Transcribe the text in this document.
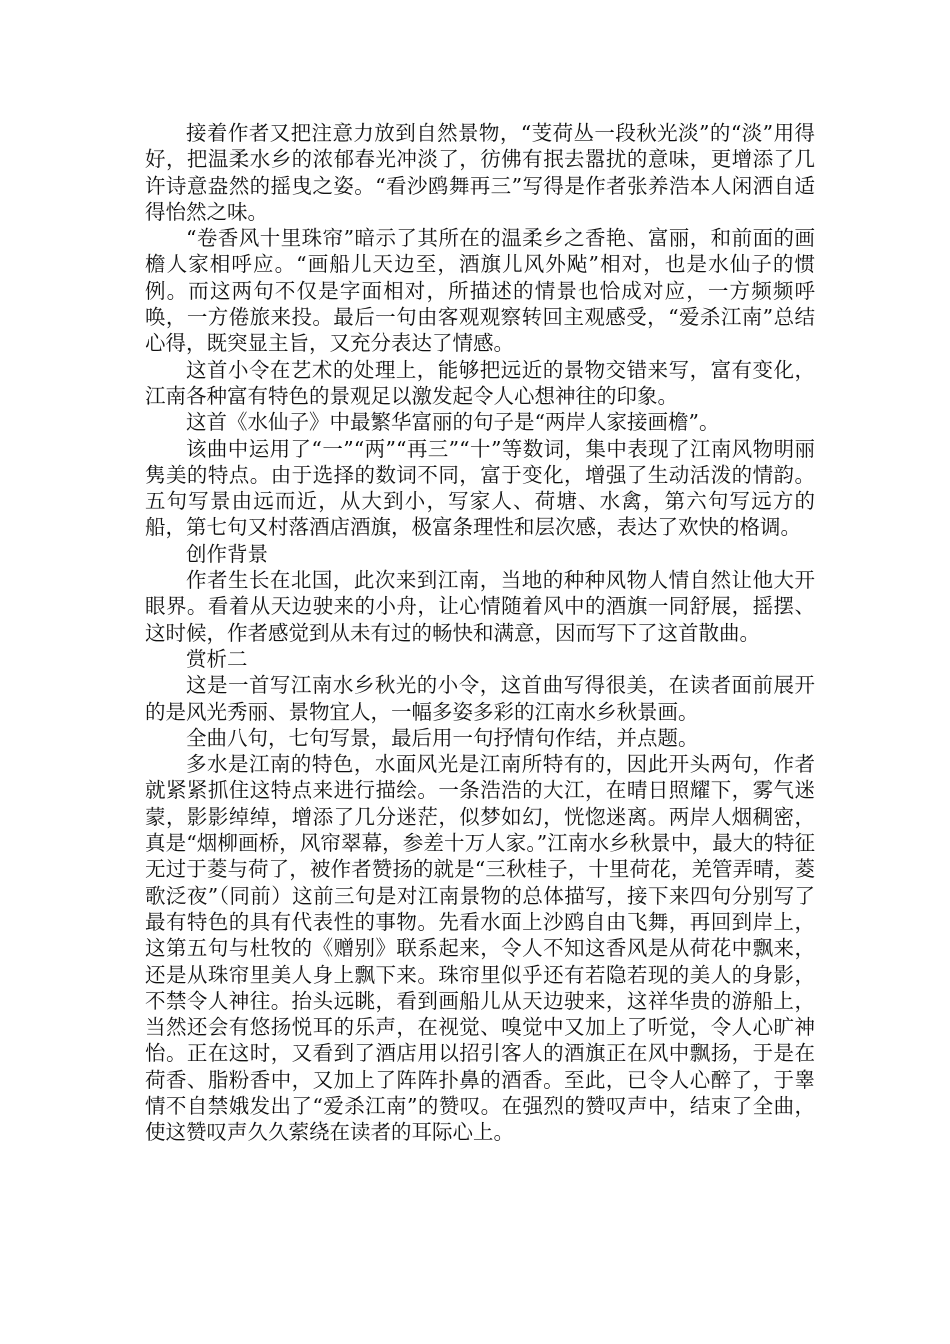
接着作者又把注意力放到自然景物，“芰荷丛一段秋光淡”的“淡”用得好，把温柔水乡的浓郁春光冲淡了，彷佛有抿去嚣扰的意味，更增添了几许诗意盎然的摇曳之姿。“看沙鸥舞再三”写得是作者张养浩本人闲洒自适得怡然之味。

“卷香风十里珠帘”暗示了其所在的温柔乡之香艳、富丽，和前面的画檐人家相呼应。“画船儿天边至，酒旗儿风外飐”相对，也是水仙子的惯例。而这两句不仅是字面相对，所描述的情景也恰成对应，一方频频呼唤，一方倦旅来投。最后一句由客观观察转回主观感受，“爱杀江南”总结心得，既突显主旨，又充分表达了情感。

这首小令在艺术的处理上，能够把远近的景物交错来写，富有变化，江南各种富有特色的景观足以激发起令人心想神往的印象。

这首《水仙子》中最繁华富丽的句子是“两岸人家接画檐”。

该曲中运用了“一”“两”“再三”“十”等数词，集中表现了江南风物明丽隽美的特点。由于选择的数词不同，富于变化，增强了生动活泼的情韵。五句写景由远而近，从大到小，写家人、荷塘、水禽，第六句写远方的船，第七句又村落酒店酒旗，极富条理性和层次感，表达了欢快的格调。

创作背景

作者生长在北国，此次来到江南，当地的种种风物人情自然让他大开眼界。看着从天边驶来的小舟，让心情随着风中的酒旗一同舒展，摇摆、这时候，作者感觉到从未有过的畅快和满意，因而写下了这首散曲。

赏析二

这是一首写江南水乡秋光的小令，这首曲写得很美，在读者面前展开的是风光秀丽、景物宜人，一幅多姿多彩的江南水乡秋景画。

全曲八句，七句写景，最后用一句抒情句作结，并点题。

多水是江南的特色，水面风光是江南所特有的，因此开头两句，作者就紧紧抓住这特点来进行描绘。一条浩浩的大江，在晴日照耀下，雾气迷蒙，影影绰绰，增添了几分迷茫，似梦如幻，恍惚迷离。两岸人烟稠密，真是“烟柳画桥，风帘翠幕，参差十万人家。”江南水乡秋景中，最大的特征无过于菱与荷了，被作者赞扬的就是“三秋桂子，十里荷花，羌管弄晴，菱歌泛夜”（同前）这前三句是对江南景物的总体描写，接下来四句分别写了最有特色的具有代表性的事物。先看水面上沙鸥自由飞舞，再回到岸上，这第五句与杜牧的《赠别》联系起来，令人不知这香风是从荷花中飘来，还是从珠帘里美人身上飘下来。珠帘里似乎还有若隐若现的美人的身影，不禁令人神往。抬头远眺，看到画船儿从天边驶来，这祥华贵的游船上，当然还会有悠扬悦耳的乐声，在视觉、嗅觉中又加上了听觉，令人心旷神怡。正在这时，又看到了酒店用以招引客人的酒旗正在风中飘扬，于是在荷香、脂粉香中，又加上了阵阵扑鼻的酒香。至此，已令人心醉了，于睾情不自禁娥发出了“爱杀江南”的赞叹。在强烈的赞叹声中，结束了全曲，使这赞叹声久久萦绕在读者的耳际心上。
